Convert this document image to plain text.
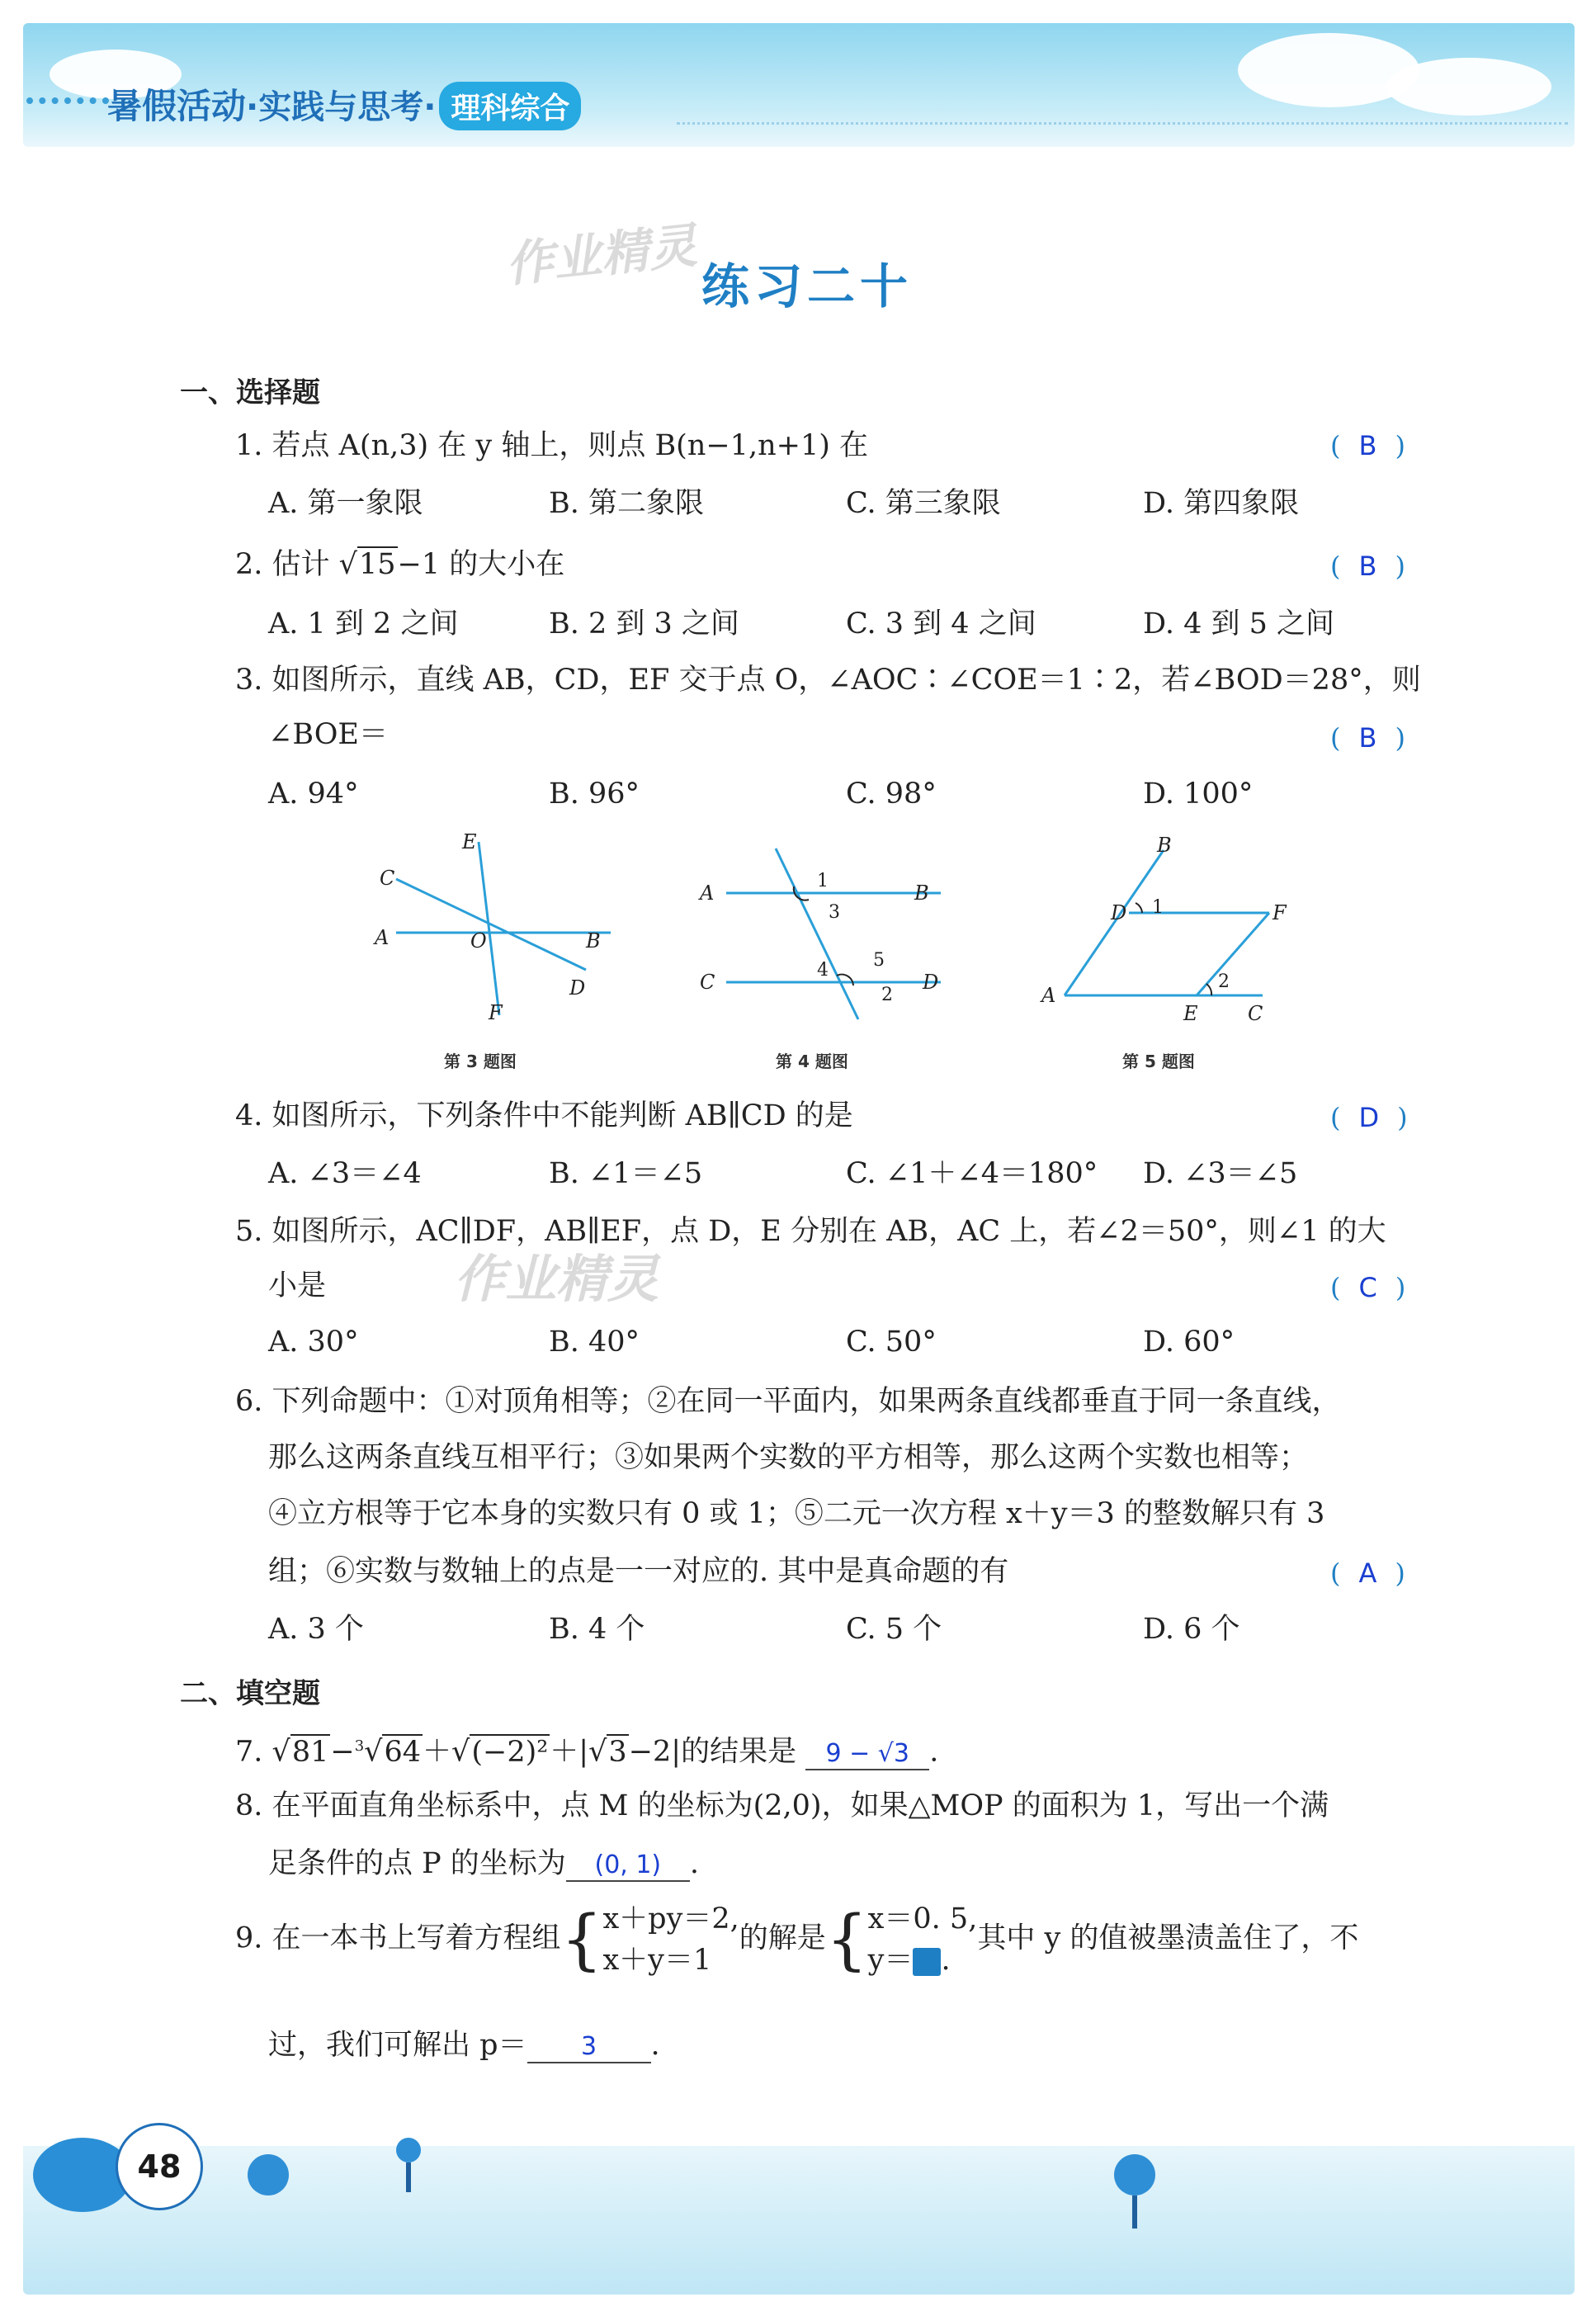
暑假活动·实践与思考· 理科综合
作业精灵
作业精灵
练习二十
一、选择题
1. 若点 A(n,3) 在 y 轴上，则点 B(n−1,n+1) 在	( B )
A. 第一象限	B. 第二象限	C. 第三象限	D. 第四象限
2. 估计 √15−1 的大小在	( B )
A. 1 到 2 之间	B. 2 到 3 之间	C. 3 到 4 之间	D. 4 到 5 之间
3. 如图所示，直线 AB，CD，EF 交于点 O，∠AOC∶∠COE＝1∶2，若∠BOD＝28°，则
∠BOE＝	( B )
A. 94°	B. 96°	C. 98°	D. 100°
E
C
A	O	B
D
F
第 3 题图
A	B
C	D
1
3
4 5
2
第 4 题图
B
D 1	F
A
2
E	C
第 5 题图
4. 如图所示，下列条件中不能判断 AB∥CD 的是	( D )
A. ∠3＝∠4	B. ∠1＝∠5	C. ∠1＋∠4＝180° D. ∠3＝∠5
5. 如图所示，AC∥DF，AB∥EF，点 D，E 分别在 AB，AC 上，若∠2＝50°，则∠1 的大
小是	( C )
A. 30°	B. 40°	C. 50°	D. 60°
6. 下列命题中：①对顶角相等；②在同一平面内，如果两条直线都垂直于同一条直线，
那么这两条直线互相平行；③如果两个实数的平方相等，那么这两个实数也相等；
④立方根等于它本身的实数只有 0 或 1；⑤二元一次方程 x＋y＝3 的整数解只有 3
组；⑥实数与数轴上的点是一一对应的. 其中是真命题的有	( A )
A. 3 个	B. 4 个	C. 5 个	D. 6 个
二、填空题
7. √81−$^3$√64＋√(−2)²＋|√3−2|的结果是 9 − √3 .
8. 在平面直角坐标系中，点 M 的坐标为(2,0)，如果△MOP 的面积为 1，写出一个满
足条件的点 P 的坐标为 (0, 1) .
9. 在一本书上写着方程组{ x＋py＝2,
x＋y＝1
的解是{ x＝0. 5,
y＝ .
其中 y 的值被墨渍盖住了，不
过，我们可解出 p＝ 3 .
48
